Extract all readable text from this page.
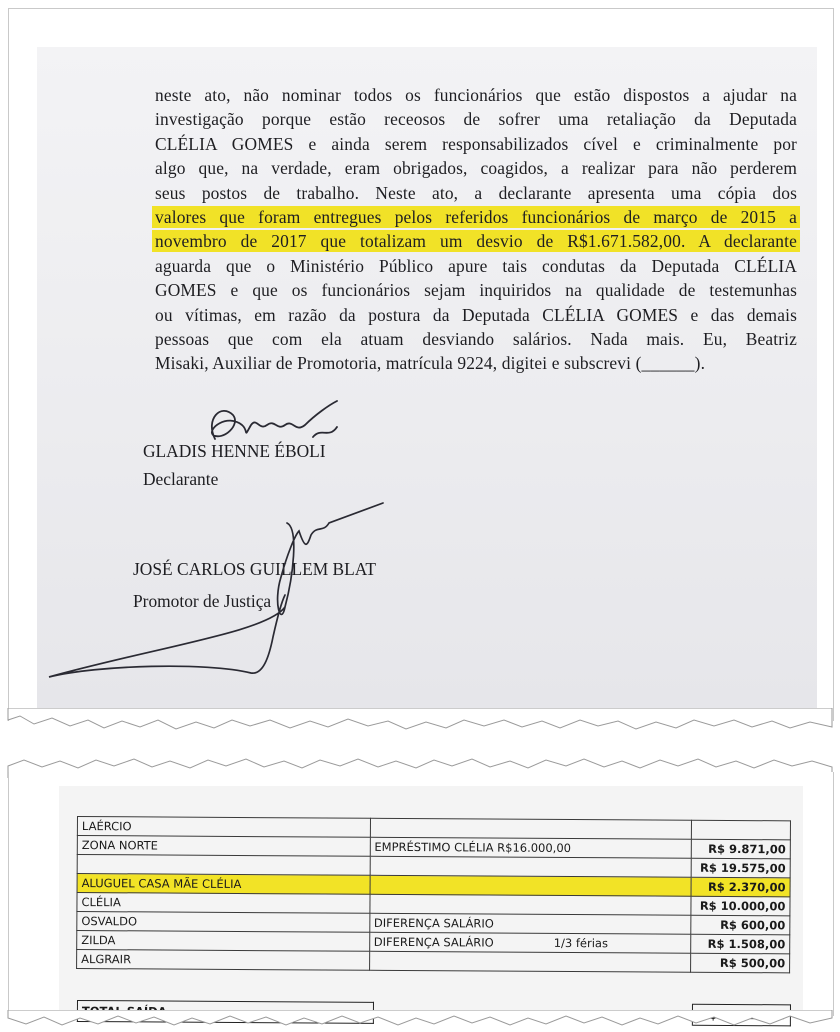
neste ato, não nominar todos os funcionários que estão dispostos a ajudar na
investigação porque estão receosos de sofrer uma retaliação da Deputada
CLÉLIA GOMES e ainda serem responsabilizados cível e criminalmente por
algo que, na verdade, eram obrigados, coagidos, a realizar para não perderem
seus postos de trabalho. Neste ato, a declarante apresenta uma cópia dos
valores que foram entregues pelos referidos funcionários de março de 2015 a
novembro de 2017 que totalizam um desvio de R$1.671.582,00. A declarante
aguarda que o Ministério Público apure tais condutas da Deputada CLÉLIA
GOMES e que os funcionários sejam inquiridos na qualidade de testemunhas
ou vítimas, em razão da postura da Deputada CLÉLIA GOMES e das demais
pessoas que com ela atuam desviando salários. Nada mais. Eu, Beatriz
Misaki, Auxiliar de Promotoria, matrícula 9224, digitei e subscrevi (______).
GLADIS HENNE ÉBOLI
Declarante
JOSÉ CARLOS GUILLEM BLAT
Promotor de Justiça
LAÉRCIO		
ZONA NORTE	EMPRÉSTIMO CLÉLIA R$16.000,00	R$ 9.871,00
		R$ 19.575,00
ALUGUEL CASA MÃE CLÉLIA		R$ 2.370,00
CLÉLIA		R$ 10.000,00
OSVALDO	DIFERENÇA SALÁRIO	R$ 600,00
ZILDA	DIFERENÇA SALÁRIO 1/3 férias	R$ 1.508,00
ALGRAIR		R$ 500,00
